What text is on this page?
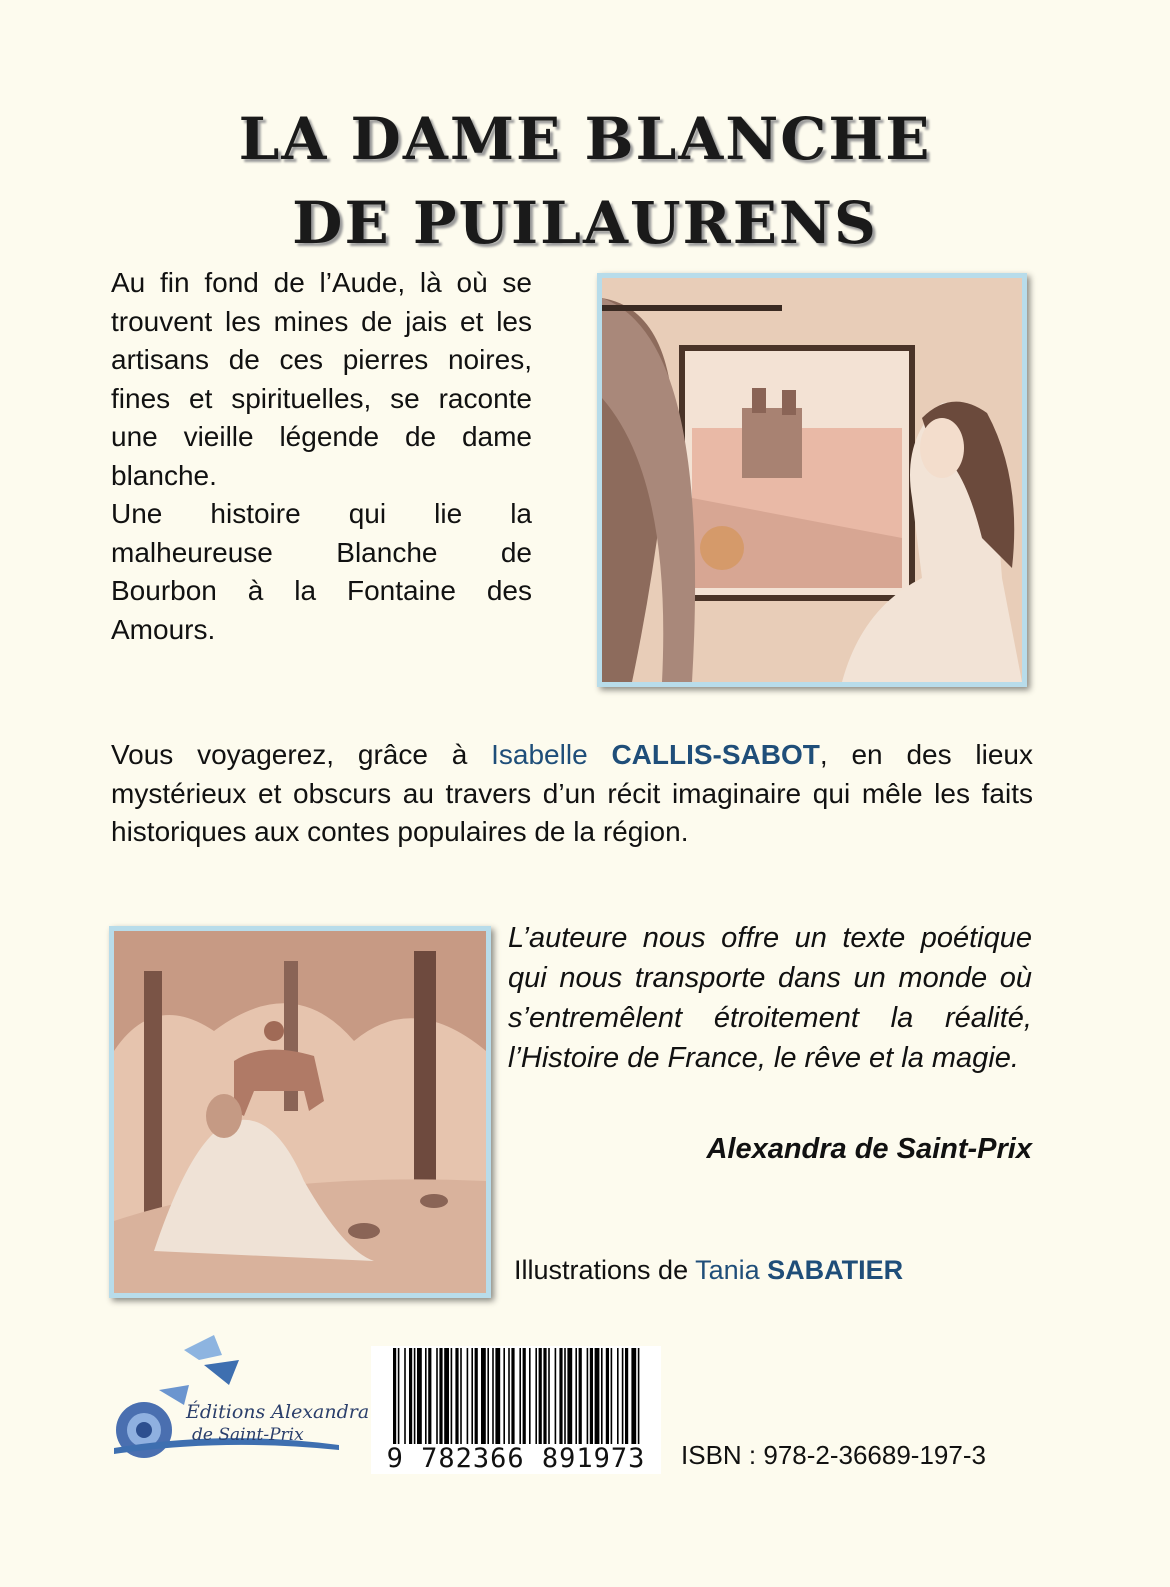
LA DAME BLANCHE
DE PUILAURENS

Au fin fond de l’Aude, là où se trouvent les mines de jais et les artisans de ces pierres noires, fines et spirituelles, se raconte une vieille légende de dame blanche.

Une histoire qui lie la malheureuse Blanche de Bourbon à la Fontaine des Amours.

Vous voyagerez, grâce à Isabelle CALLIS-SABOT, en des lieux mystérieux et obscurs au travers d’un récit imaginaire qui mêle les faits historiques aux contes populaires de la région.
L’auteure nous offre un texte poétique qui nous transporte dans un monde où s’entremêlent étroitement la réalité, l’Histoire de France, le rêve et la magie.
Alexandra de Saint-Prix
Illustrations de Tania SABATIER
Éditions Alexandra
de Saint-Prix
9 782366 891973	ISBN : 978-2-36689-197-3
